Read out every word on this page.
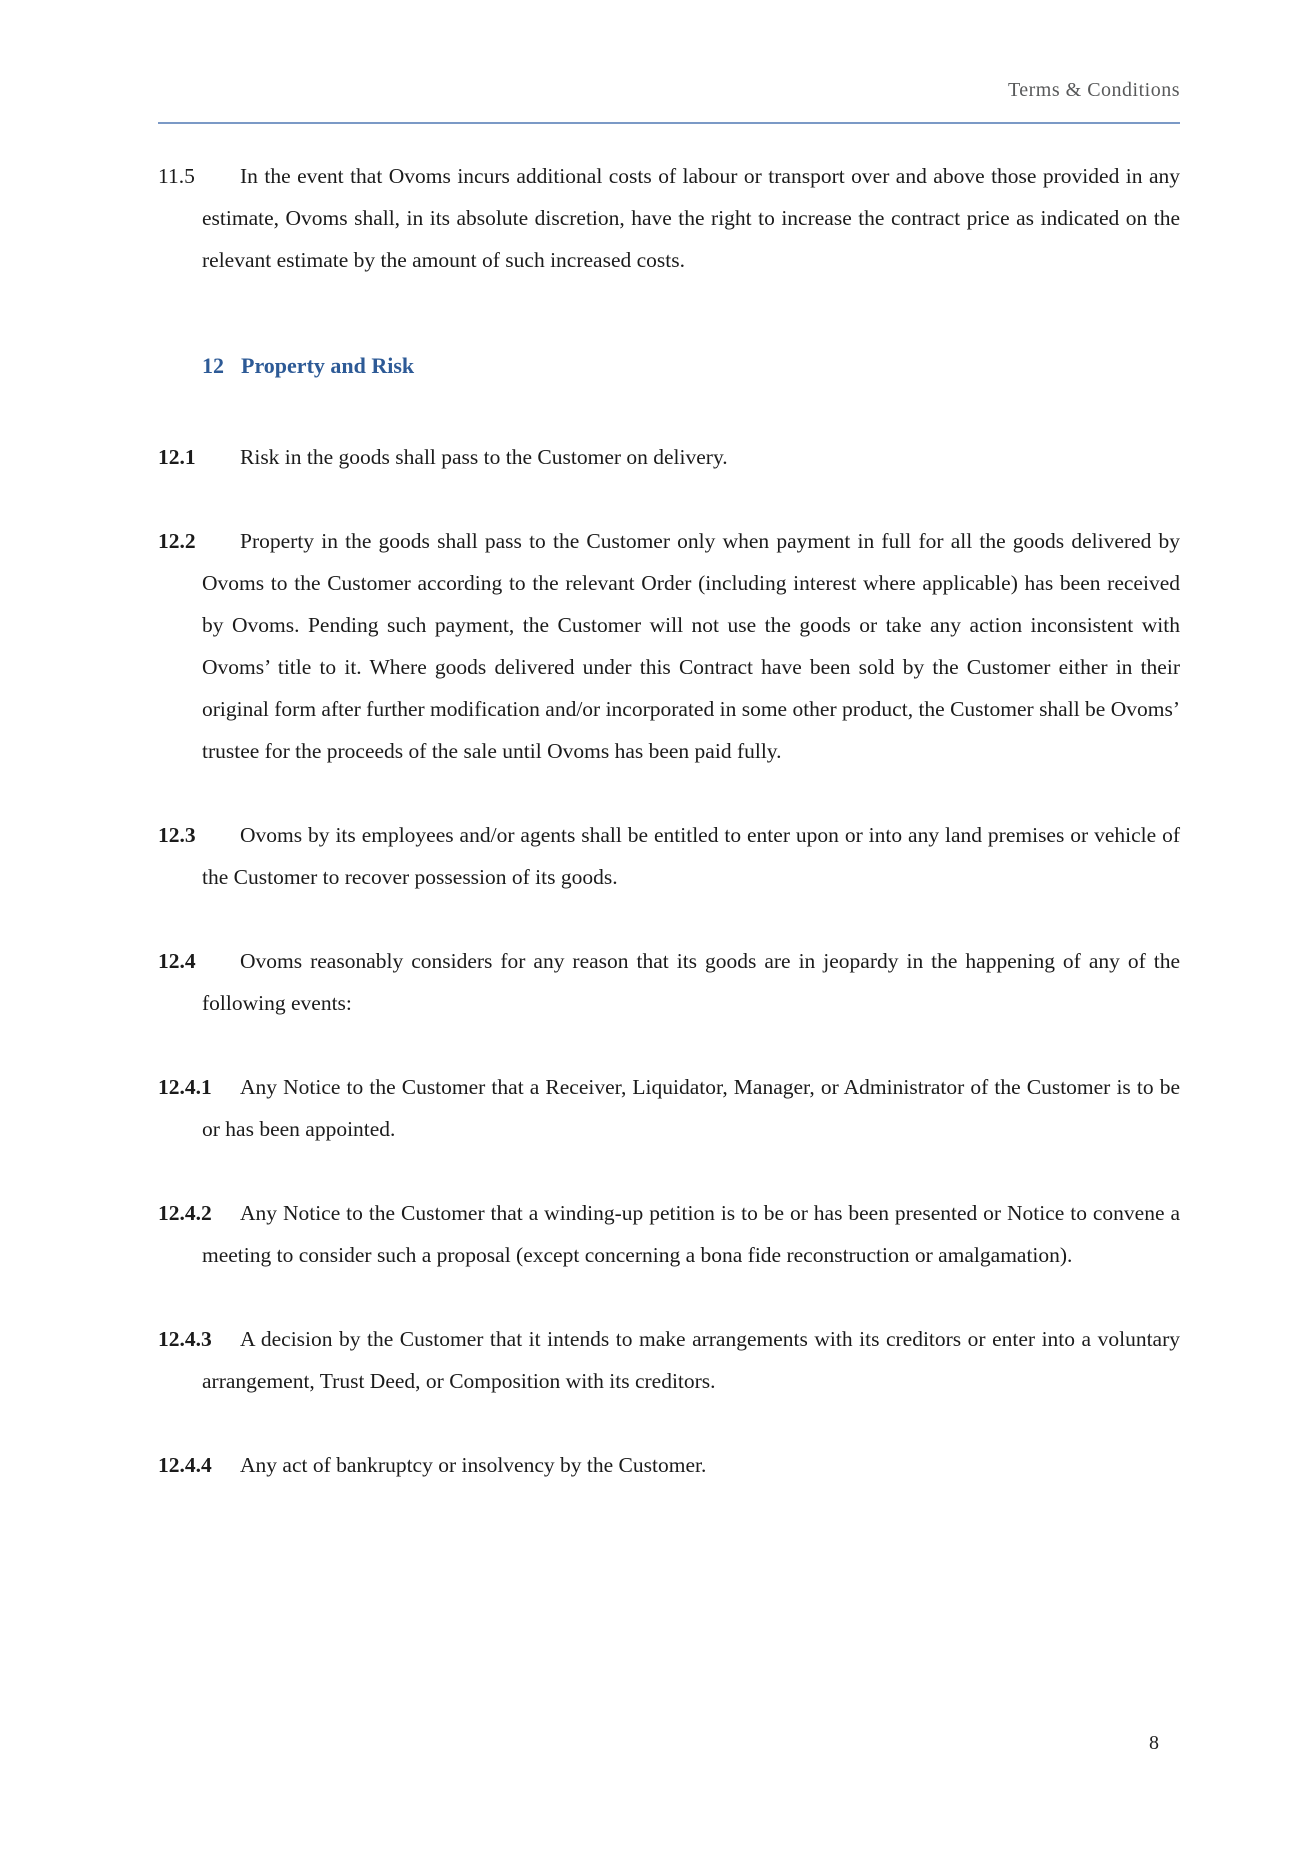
Terms & Conditions
11.5 In the event that Ovoms incurs additional costs of labour or transport over and above those provided in any estimate, Ovoms shall, in its absolute discretion, have the right to increase the contract price as indicated on the relevant estimate by the amount of such increased costs.
12 Property and Risk
12.1 Risk in the goods shall pass to the Customer on delivery.
12.2 Property in the goods shall pass to the Customer only when payment in full for all the goods delivered by Ovoms to the Customer according to the relevant Order (including interest where applicable) has been received by Ovoms. Pending such payment, the Customer will not use the goods or take any action inconsistent with Ovoms’ title to it. Where goods delivered under this Contract have been sold by the Customer either in their original form after further modification and/or incorporated in some other product, the Customer shall be Ovoms’ trustee for the proceeds of the sale until Ovoms has been paid fully.
12.3 Ovoms by its employees and/or agents shall be entitled to enter upon or into any land premises or vehicle of the Customer to recover possession of its goods.
12.4 Ovoms reasonably considers for any reason that its goods are in jeopardy in the happening of any of the following events:
12.4.1 Any Notice to the Customer that a Receiver, Liquidator, Manager, or Administrator of the Customer is to be or has been appointed.
12.4.2 Any Notice to the Customer that a winding-up petition is to be or has been presented or Notice to convene a meeting to consider such a proposal (except concerning a bona fide reconstruction or amalgamation).
12.4.3 A decision by the Customer that it intends to make arrangements with its creditors or enter into a voluntary arrangement, Trust Deed, or Composition with its creditors.
12.4.4 Any act of bankruptcy or insolvency by the Customer.
8
